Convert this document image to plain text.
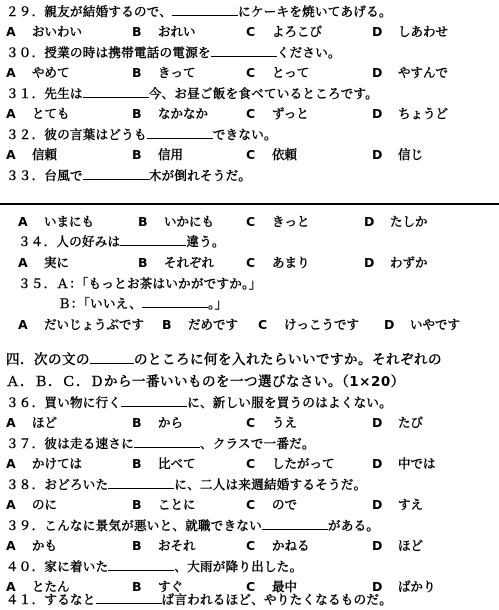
２９．親友が結婚するので、	にケーキを焼いてあげる。
A おいわい	B おれい	C よろこび	D しあわせ
３０．授業の時は携帯電話の電源を	ください。
A やめて	B きって	C とって	D やすんで
３１．先生は	今、お昼ご飯を食べているところです。
A とても	B なかなか	C ずっと	D ちょうど
３２．彼の言葉はどうも	できない。
A 信頼	B 信用	C 依頼	D 信じ
３３．台風で	木が倒れそうだ。
A いまにも	B いかにも	C きっと	D たしか
３４．人の好みは	違う。
A 実に	B それぞれ	C あまり	D わずか
３５．Ａ：「もっとお茶はいかがですか。」
Ｂ：「いいえ、	。」
A だいじょうぶです B だめです C けっこうです D いやです
四．次の文の	のところに何を入れたらいいですか。それぞれの
Ａ．Ｂ．Ｃ．Ｄから一番いいものを一つ選びなさい。（1×20）
３６．買い物に行く	に、新しい服を買うのはよくない。
A ほど	B から	C うえ	D たび
３７．彼は走る速さに	、クラスで一番だ。
A かけては	B 比べて	C したがって	D 中では
３８．おどろいた	に、二人は来週結婚するそうだ。
A のに	B ことに	C ので	D すえ
３９．こんなに景気が悪いと、就職できない	がある。
A かも	B おそれ	C かねる	D ほど
４０．家に着いた	、大雨が降り出した。
A とたん	B すぐ	C 最中	D ばかり
４１．するなと	ば言われるほど、やりたくなるものだ。
